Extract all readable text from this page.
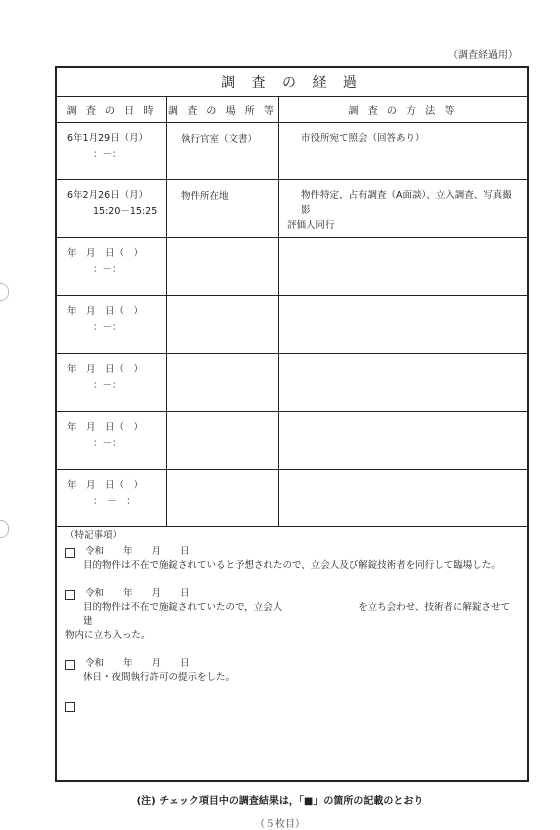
（調査経過用）
調 査 の 経 過
調 査 の 日 時	調 査 の 場 所 等	調 査 の 方 法 等
6年1月29日（月）

：－：
執行官室（文書）	市役所宛て照会（回答あり）
6年2月26日（月）

15:20－15:25
物件所在地	物件特定、占有調査（A面談）、立入調査、写真撮影
評価人同行
年　月　日（　）

：－：
年　月　日（　）

：－：
年　月　日（　）

：－：
年　月　日（　）

：－：
年　月　日（　）

：　－　：
（特記事項）
令和　　年　　月　　日
目的物件は不在で施錠されていると予想されたので、立会人及び解錠技術者を同行して臨場した。
令和　　年　　月　　日
目的物件は不在で施錠されていたので，立会人　　　　　　　　を立ち会わせ、技術者に解錠させて建
物内に立ち入った。
令和　　年　　月　　日
休日・夜間執行許可の提示をした。
(注) チェック項目中の調査結果は，「■」の箇所の記載のとおり
（５枚目）
